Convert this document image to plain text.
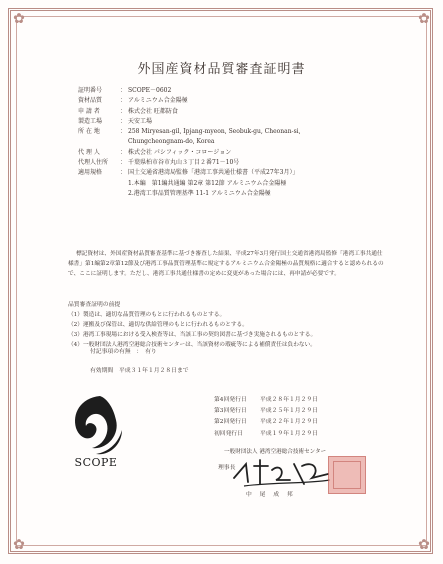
✿	✿
✿	✿
外国産資材品質審査証明書
証明番号	： SCOPE－0602
資材品質	： アルミニウム合金陽極
申 請 者	： 株式会社 旺都防食
製造工場	： 天安工場
所 在 地	： 258 Miryesan-gil, Ipjang-myeon, Seobuk-gu, Cheonan-si,
Chungcheongnam-do, Korea
代 理 人	： 株式会社 パシフィック・コロージョン
代理人住所	： 千葉県柏市谷市丸山３丁目２番71－10号
適用規格	： 国土交通省港湾局監修「港湾工事共通仕様書（平成27年3月）」
1.本編　第1編共通編 第2章 第12節 アルミニウム合金陽極
2.港湾工事品質管理基準 11-1 アルミニウム合金陽極
標記資材は、外国産資材品質審査基準に基づき審査した結果、平成27年3月発行国土交通省港湾局監修「港湾工事共通仕様書」第1編第2章第12節及び港湾工事品質管理基準に規定するアルミニウム合金陽極の品質規格に適合すると認められるので、ここに証明します。ただし、港湾工事共通仕様書の定めに変更があった場合には、再申請が必要です。
品質審査証明の前提
（1）製造は、適切な品質管理のもとに行われるものとする。
（2）運搬及び保管は、適切な供給管理のもとに行われるものとする。
（3）港湾工事現場における受入検査等は、当該工事の契約図書に基づき実施されるものとする。
（4）一般財団法人港湾空港総合技術センターは、当該資材の瑕疵等による補償責任は負わない。
付記事項の有無　：　有り
有効期間　平成３１年１月２８日まで
SCOPE
第4回発行日	平成２８年１月２９日
第3回発行日	平成２５年１月２９日
第2回発行日	平成２２年１月２９日
初回発行日	平成１９年１月２９日
一般財団法人 港湾空港総合技術センター
理事長
中 尾 成 邦
